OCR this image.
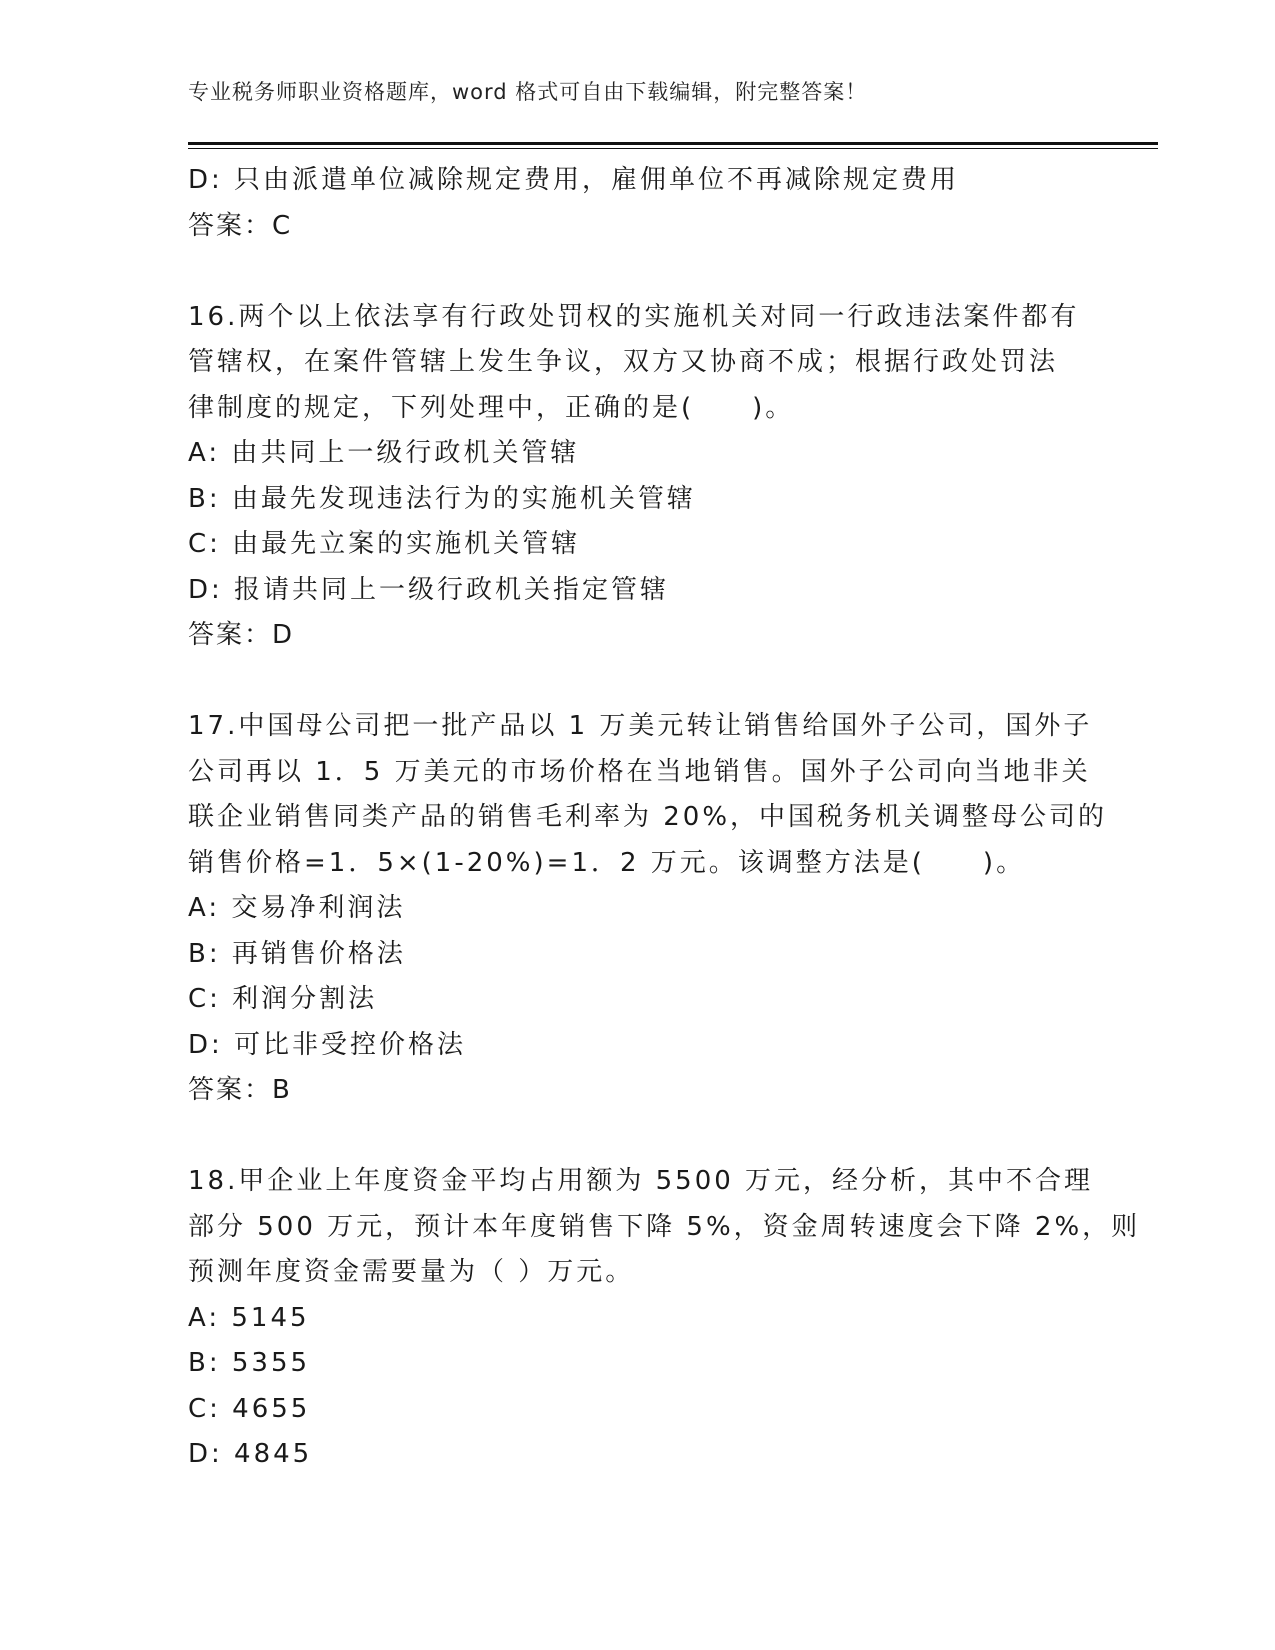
专业税务师职业资格题库，word 格式可自由下载编辑，附完整答案！

D: 只由派遣单位减除规定费用，雇佣单位不再减除规定费用

答案：C

16.两个以上依法享有行政处罚权的实施机关对同一行政违法案件都有

管辖权，在案件管辖上发生争议，双方又协商不成；根据行政处罚法

律制度的规定，下列处理中，正确的是(　　)。

A: 由共同上一级行政机关管辖

B: 由最先发现违法行为的实施机关管辖

C: 由最先立案的实施机关管辖

D: 报请共同上一级行政机关指定管辖

答案：D

17.中国母公司把一批产品以 1 万美元转让销售给国外子公司，国外子

公司再以 1．5 万美元的市场价格在当地销售。国外子公司向当地非关

联企业销售同类产品的销售毛利率为 20%，中国税务机关调整母公司的

销售价格=1．5×(1-20%)=1．2 万元。该调整方法是(　　)。

A: 交易净利润法

B: 再销售价格法

C: 利润分割法

D: 可比非受控价格法

答案：B

18.甲企业上年度资金平均占用额为 5500 万元，经分析，其中不合理

部分 500 万元，预计本年度销售下降 5%，资金周转速度会下降 2%，则

预测年度资金需要量为（ ）万元。

A: 5145

B: 5355

C: 4655

D: 4845
